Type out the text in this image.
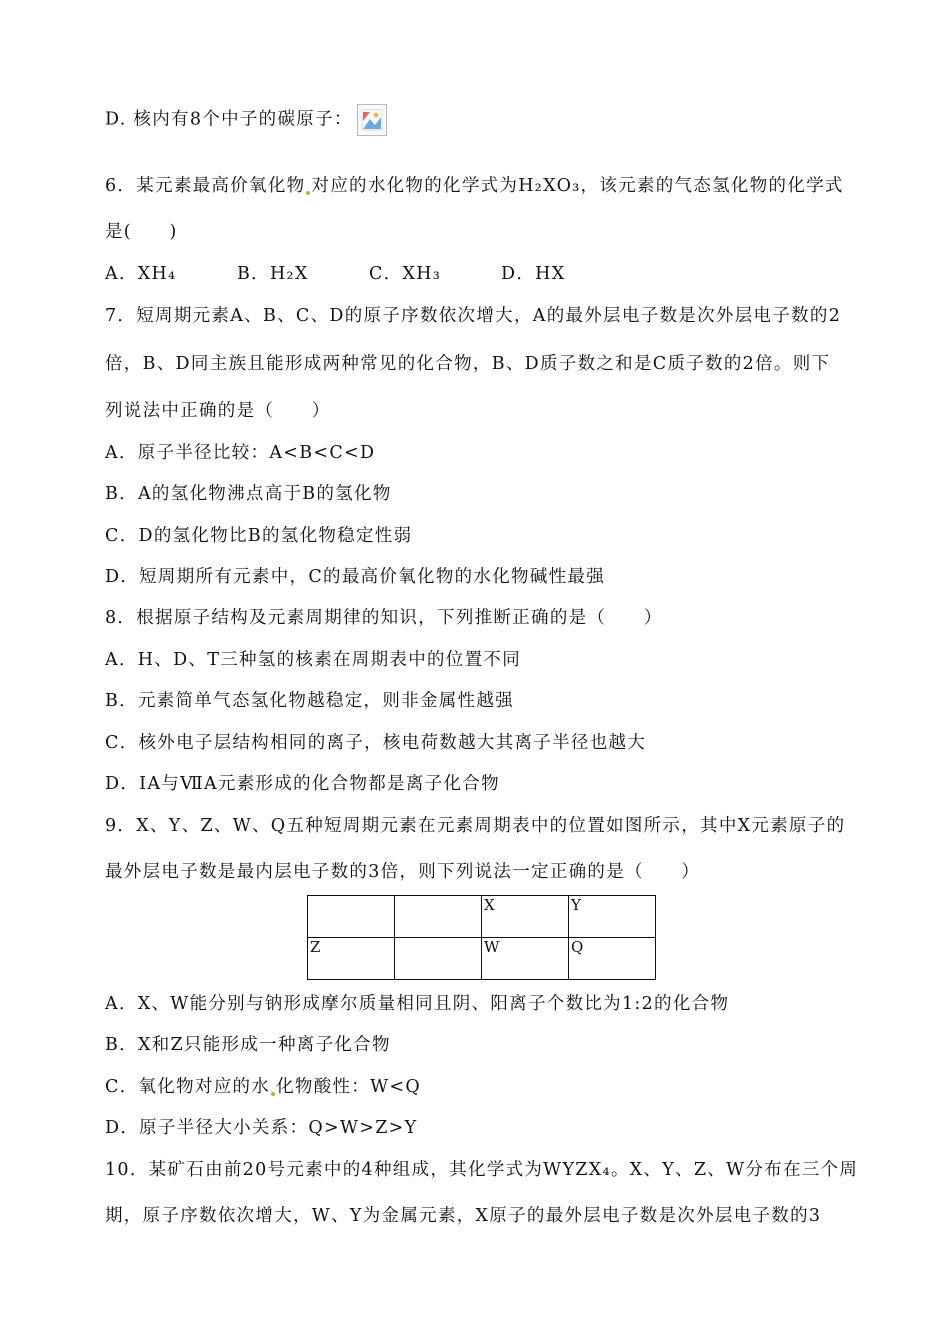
D. 核内有8个中子的碳原子：
6．某元素最高价氧化物 对应的水化物的化学式为H₂XO₃，该元素的气态氢化物的化学式
是(　　)
A．XH₄	B．H₂X	C．XH₃	D．HX
7．短周期元素A、B、C、D的原子序数依次增大，A的最外层电子数是次外层电子数的2
倍，B、D同主族且能形成两种常见的化合物，B、D质子数之和是C质子数的2倍。则下
列说法中正确的是（　　）
A．原子半径比较：A<B<C<D
B．A的氢化物沸点高于B的氢化物
C．D的氢化物比B的氢化物稳定性弱
D．短周期所有元素中，C的最高价氧化物的水化物碱性最强
8．根据原子结构及元素周期律的知识，下列推断正确的是（　　）
A．H、D、T三种氢的核素在周期表中的位置不同
B．元素简单气态氢化物越稳定，则非金属性越强
C．核外电子层结构相同的离子，核电荷数越大其离子半径也越大
D．ⅠA与ⅦA元素形成的化合物都是离子化合物
9．X、Y、Z、W、Q五种短周期元素在元素周期表中的位置如图所示，其中X元素原子的
最外层电子数是最内层电子数的3倍，则下列说法一定正确的是（　　）
		X	Y
Z		W	Q
A．X、W能分别与钠形成摩尔质量相同且阴、阳离子个数比为1:2的化合物
B．X和Z只能形成一种离子化合物
C．氧化物对应的水 化物酸性：W<Q
D．原子半径大小关系：Q>W>Z>Y
10．某矿石由前20号元素中的4种组成，其化学式为WYZX₄。X、Y、Z、W分布在三个周
期，原子序数依次增大，W、Y为金属元素，X原子的最外层电子数是次外层电子数的3
